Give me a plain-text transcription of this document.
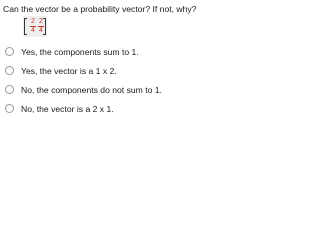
Can the vector be a probability vector? If not, why?
2
4
2
4
Yes, the components sum to 1.
Yes, the vector is a 1 x 2.
No, the components do not sum to 1.
No, the vector is a 2 x 1.
